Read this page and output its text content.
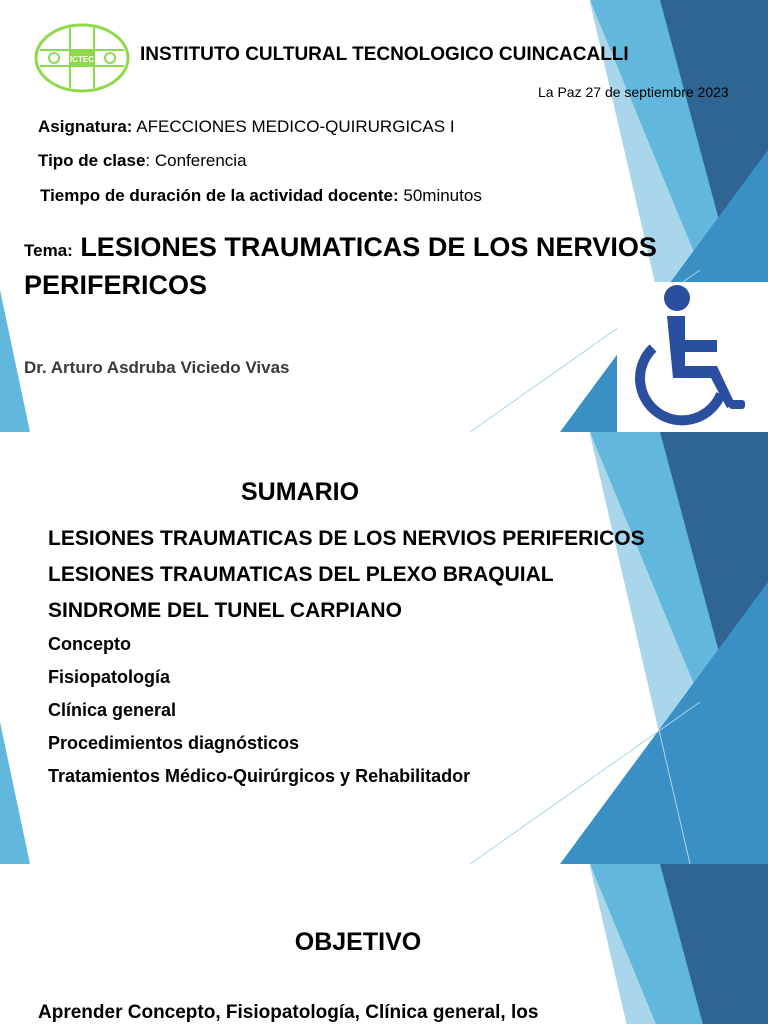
ICTEC INSTITUTO CULTURAL TECNOLOGICO CUINCACALLI
La Paz 27 de septiembre 2023
Asignatura: AFECCIONES MEDICO-QUIRURGICAS I
Tipo de clase: Conferencia
Tiempo de duración de la actividad docente: 50minutos
Tema: LESIONES TRAUMATICAS DE LOS NERVIOS PERIFERICOS
Dr. Arturo Asdruba Viciedo Vivas
SUMARIO
LESIONES TRAUMATICAS DE LOS NERVIOS PERIFERICOS
LESIONES TRAUMATICAS DEL PLEXO BRAQUIAL
SINDROME DEL TUNEL CARPIANO
Concepto
Fisiopatología
Clínica general
Procedimientos diagnósticos
Tratamientos Médico-Quirúrgicos y Rehabilitador
OBJETIVO
Aprender Concepto, Fisiopatología, Clínica general, los
